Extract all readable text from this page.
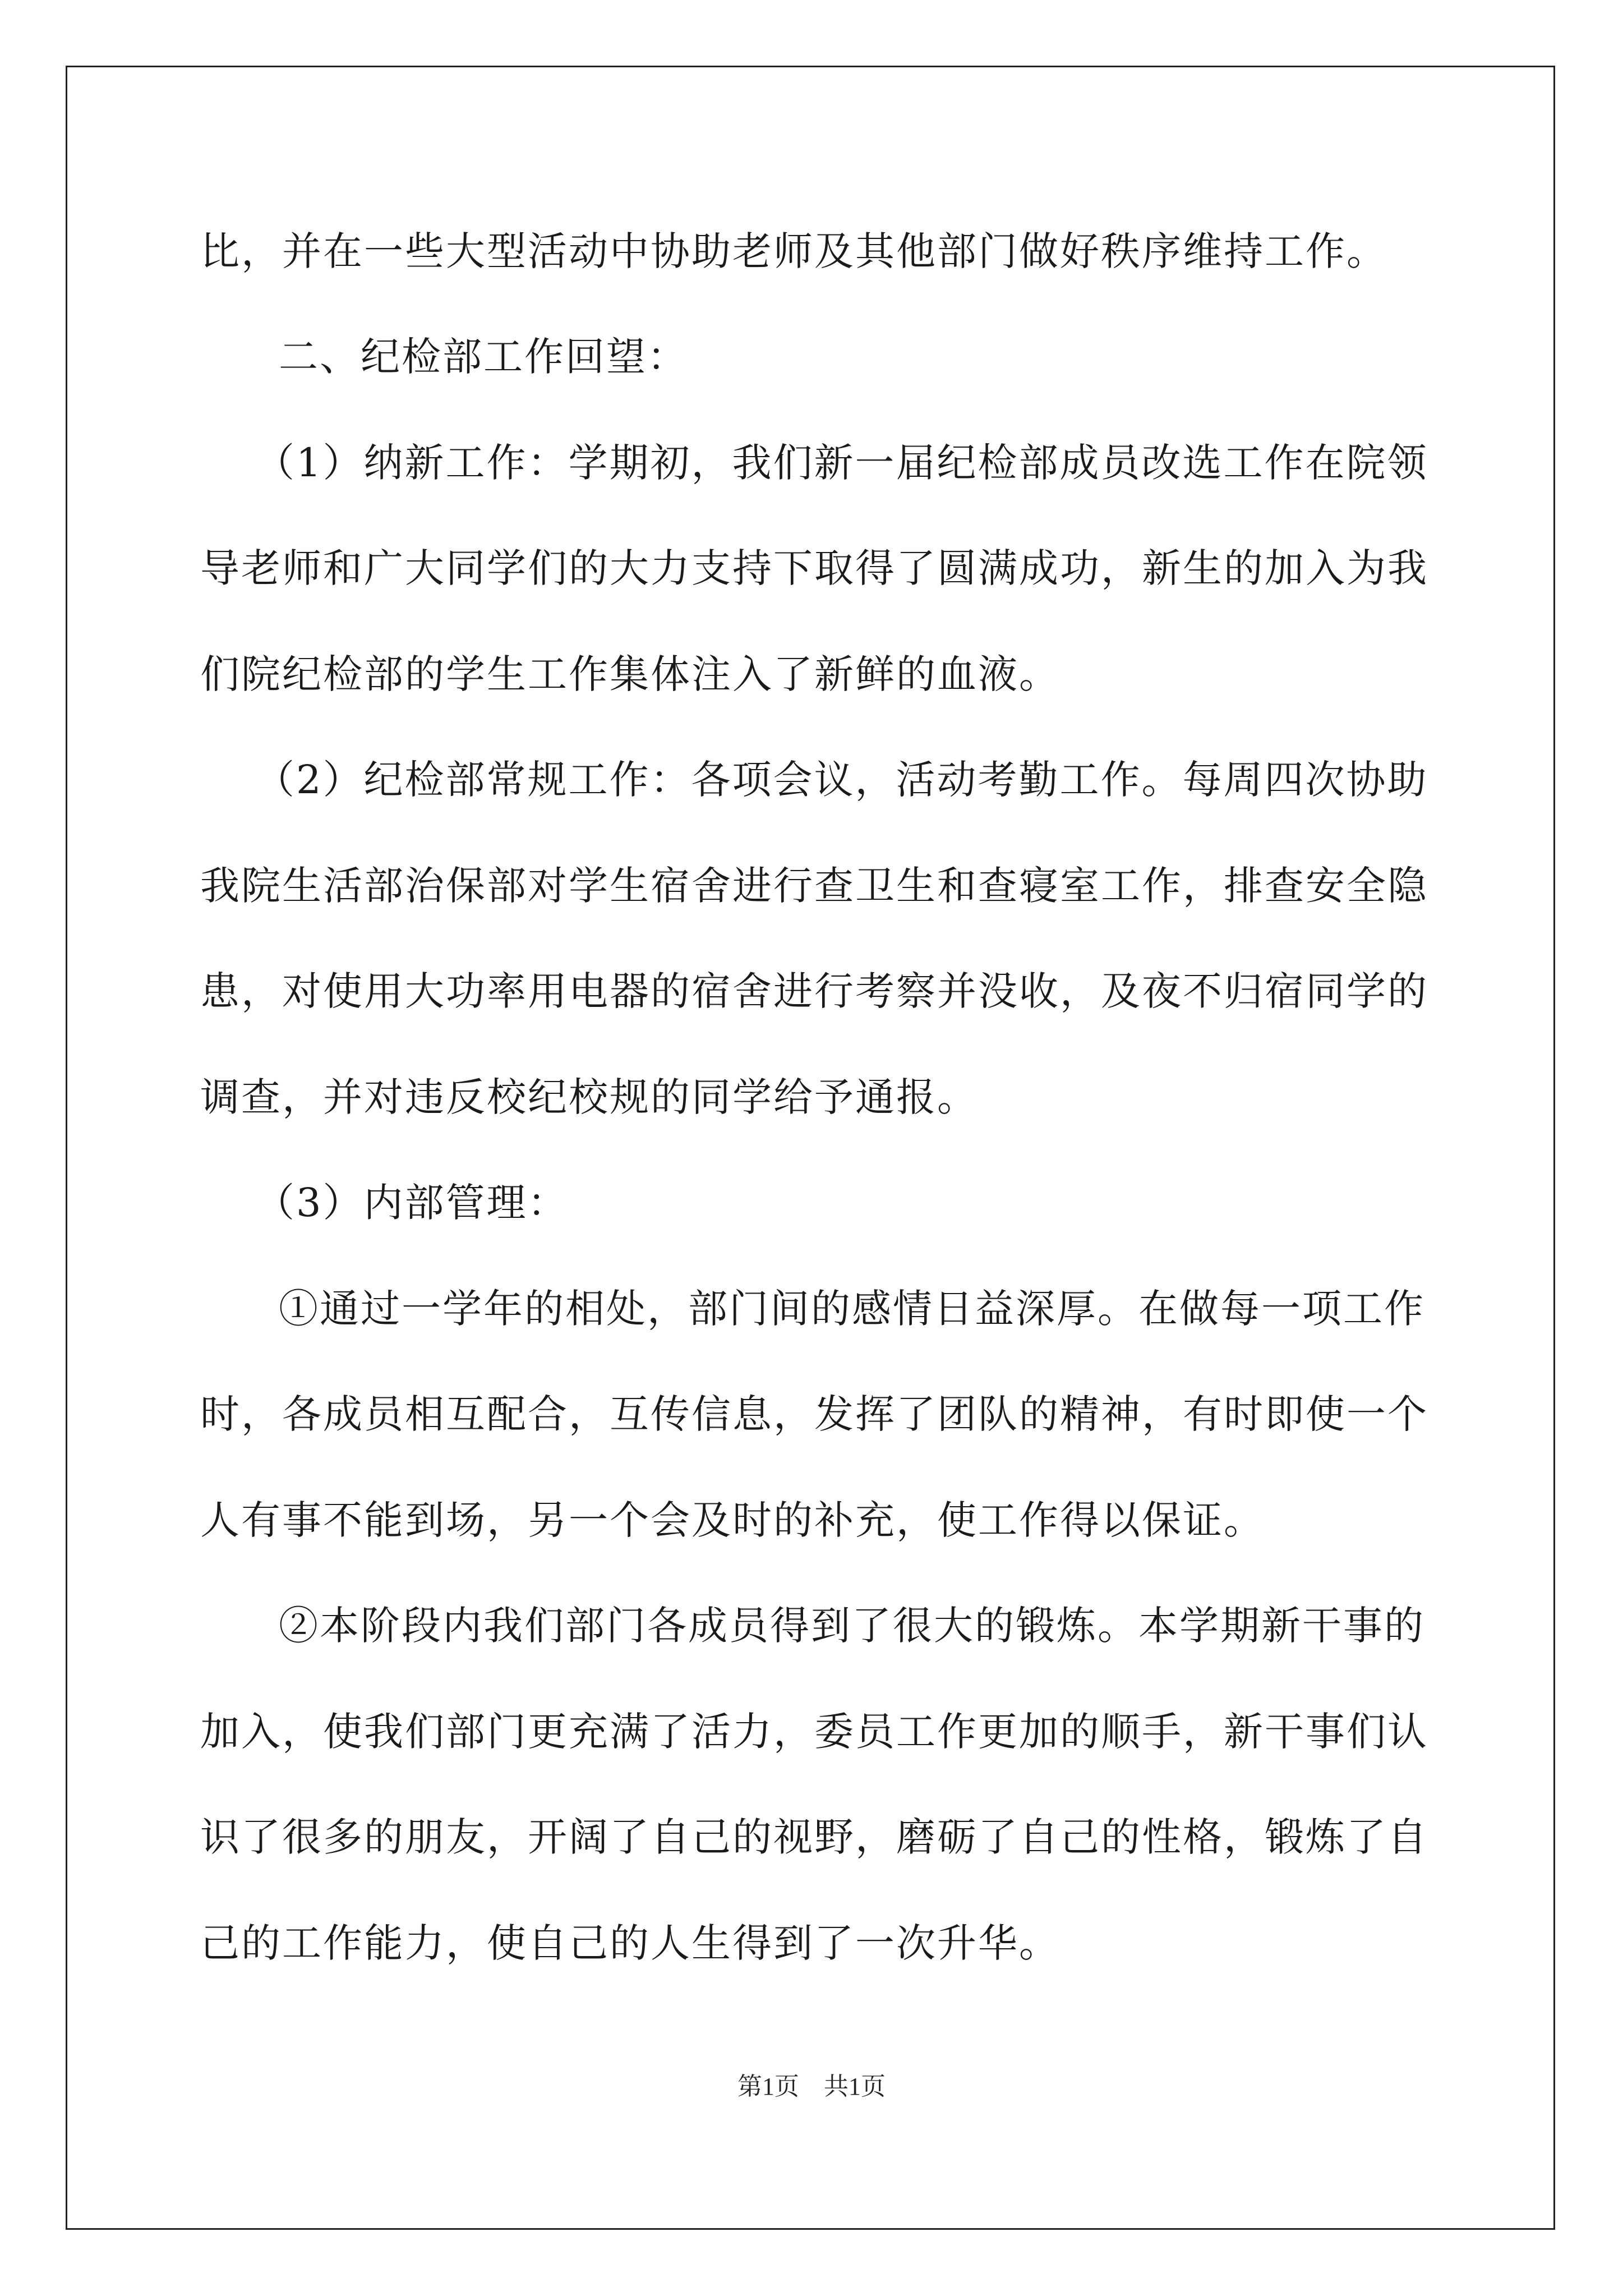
比，并在一些大型活动中协助老师及其他部门做好秩序维持工作。
二、纪检部工作回望：
（1）纳新工作：学期初，我们新一届纪检部成员改选工作在院领
导老师和广大同学们的大力支持下取得了圆满成功，新生的加入为我
们院纪检部的学生工作集体注入了新鲜的血液。
（2）纪检部常规工作：各项会议，活动考勤工作。每周四次协助
我院生活部治保部对学生宿舍进行查卫生和查寝室工作，排查安全隐
患，对使用大功率用电器的宿舍进行考察并没收，及夜不归宿同学的
调查，并对违反校纪校规的同学给予通报。
（3）内部管理：
①通过一学年的相处，部门间的感情日益深厚。在做每一项工作
时，各成员相互配合，互传信息，发挥了团队的精神，有时即使一个
人有事不能到场，另一个会及时的补充，使工作得以保证。
②本阶段内我们部门各成员得到了很大的锻炼。本学期新干事的
加入，使我们部门更充满了活力，委员工作更加的顺手，新干事们认
识了很多的朋友，开阔了自己的视野，磨砺了自己的性格，锻炼了自
己的工作能力，使自己的人生得到了一次升华。
第1页　共1页
